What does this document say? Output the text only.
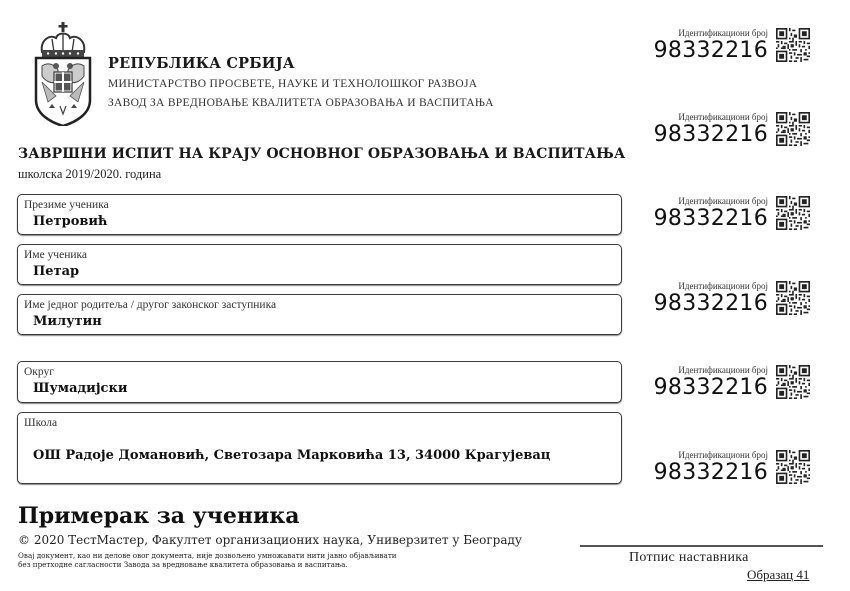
РЕПУБЛИКА СРБИЈА
МИНИСТАРСТВО ПРОСВЕТЕ, НАУКЕ И ТЕХНОЛОШКОГ РАЗВОЈА
ЗАВОД ЗА ВРЕДНОВАЊЕ КВАЛИТЕТА ОБРАЗОВАЊА И ВАСПИТАЊА
ЗАВРШНИ ИСПИТ НА КРАЈУ ОСНОВНОГ ОБРАЗОВАЊА И ВАСПИТАЊА
школска 2019/2020. година
Презиме ученика
Петровић
Име ученика
Петар
Име једног родитеља / другог законског заступника
Милутин
Округ
Шумадијски
Школа
ОШ Радоје Домановић, Светозара Марковића 13, 34000 Крагујевац
Идентификациони број
98332216
Идентификациони број
98332216
Идентификациони број
98332216
Идентификациони број
98332216
Идентификациони број
98332216
Идентификациони број
98332216
Примерак за ученика
© 2020 ТестМастер, Факултет организационих наука, Универзитет у Београду
Овај документ, као ни делове овог документа, није дозвољено умножавати нити јавно објављивати
без претходне сагласности Завода за вредновање квалитета образовања и васпитања.	Потпис наставника
Образац 41
